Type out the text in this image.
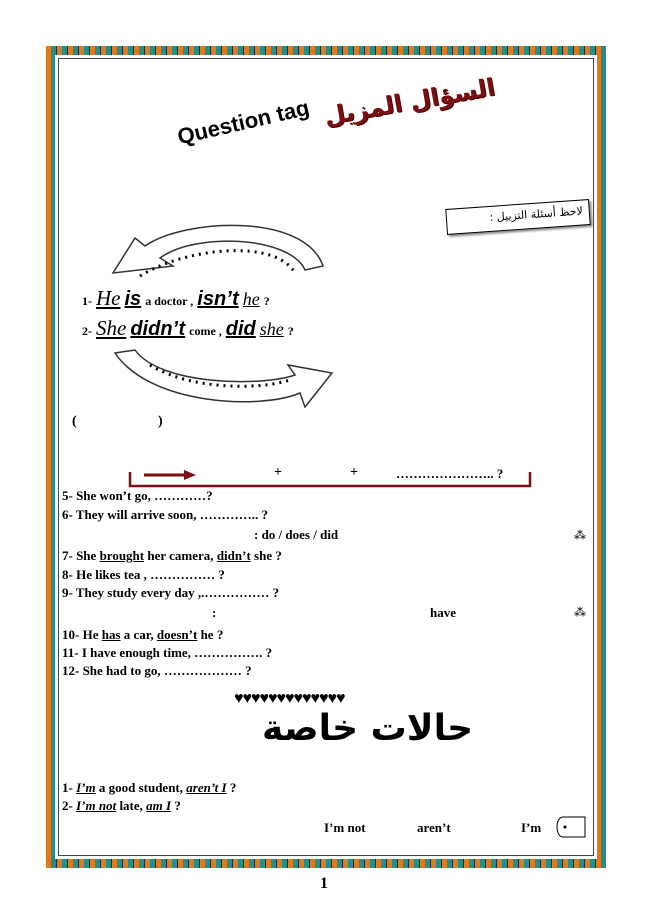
Question tag السؤال المزيل
لاحظ أسئلة التزييل :
1- He is a doctor , isn’t he ?
2- She didn’t come , did she ?
(	)
+	+	………………….. ?
5- She won’t go, …………?
6- They will arrive soon, ………….. ?
: do / does / did	⁂
7- She brought her camera, didn’t she ?
8- He likes tea , …………… ?
9- They study every day ,.…………… ?
:	have	⁂
10- He has a car, doesn’t he ?
11- I have enough time, ……………. ?
12- She had to go, ……………… ?
♥♥♥♥♥♥♥♥♥♥♥♥♥
حالات خاصة
1- I’m a good student, aren’t I ?
2- I’m not late, am I ?
I’m not	aren’t	I’m
1
